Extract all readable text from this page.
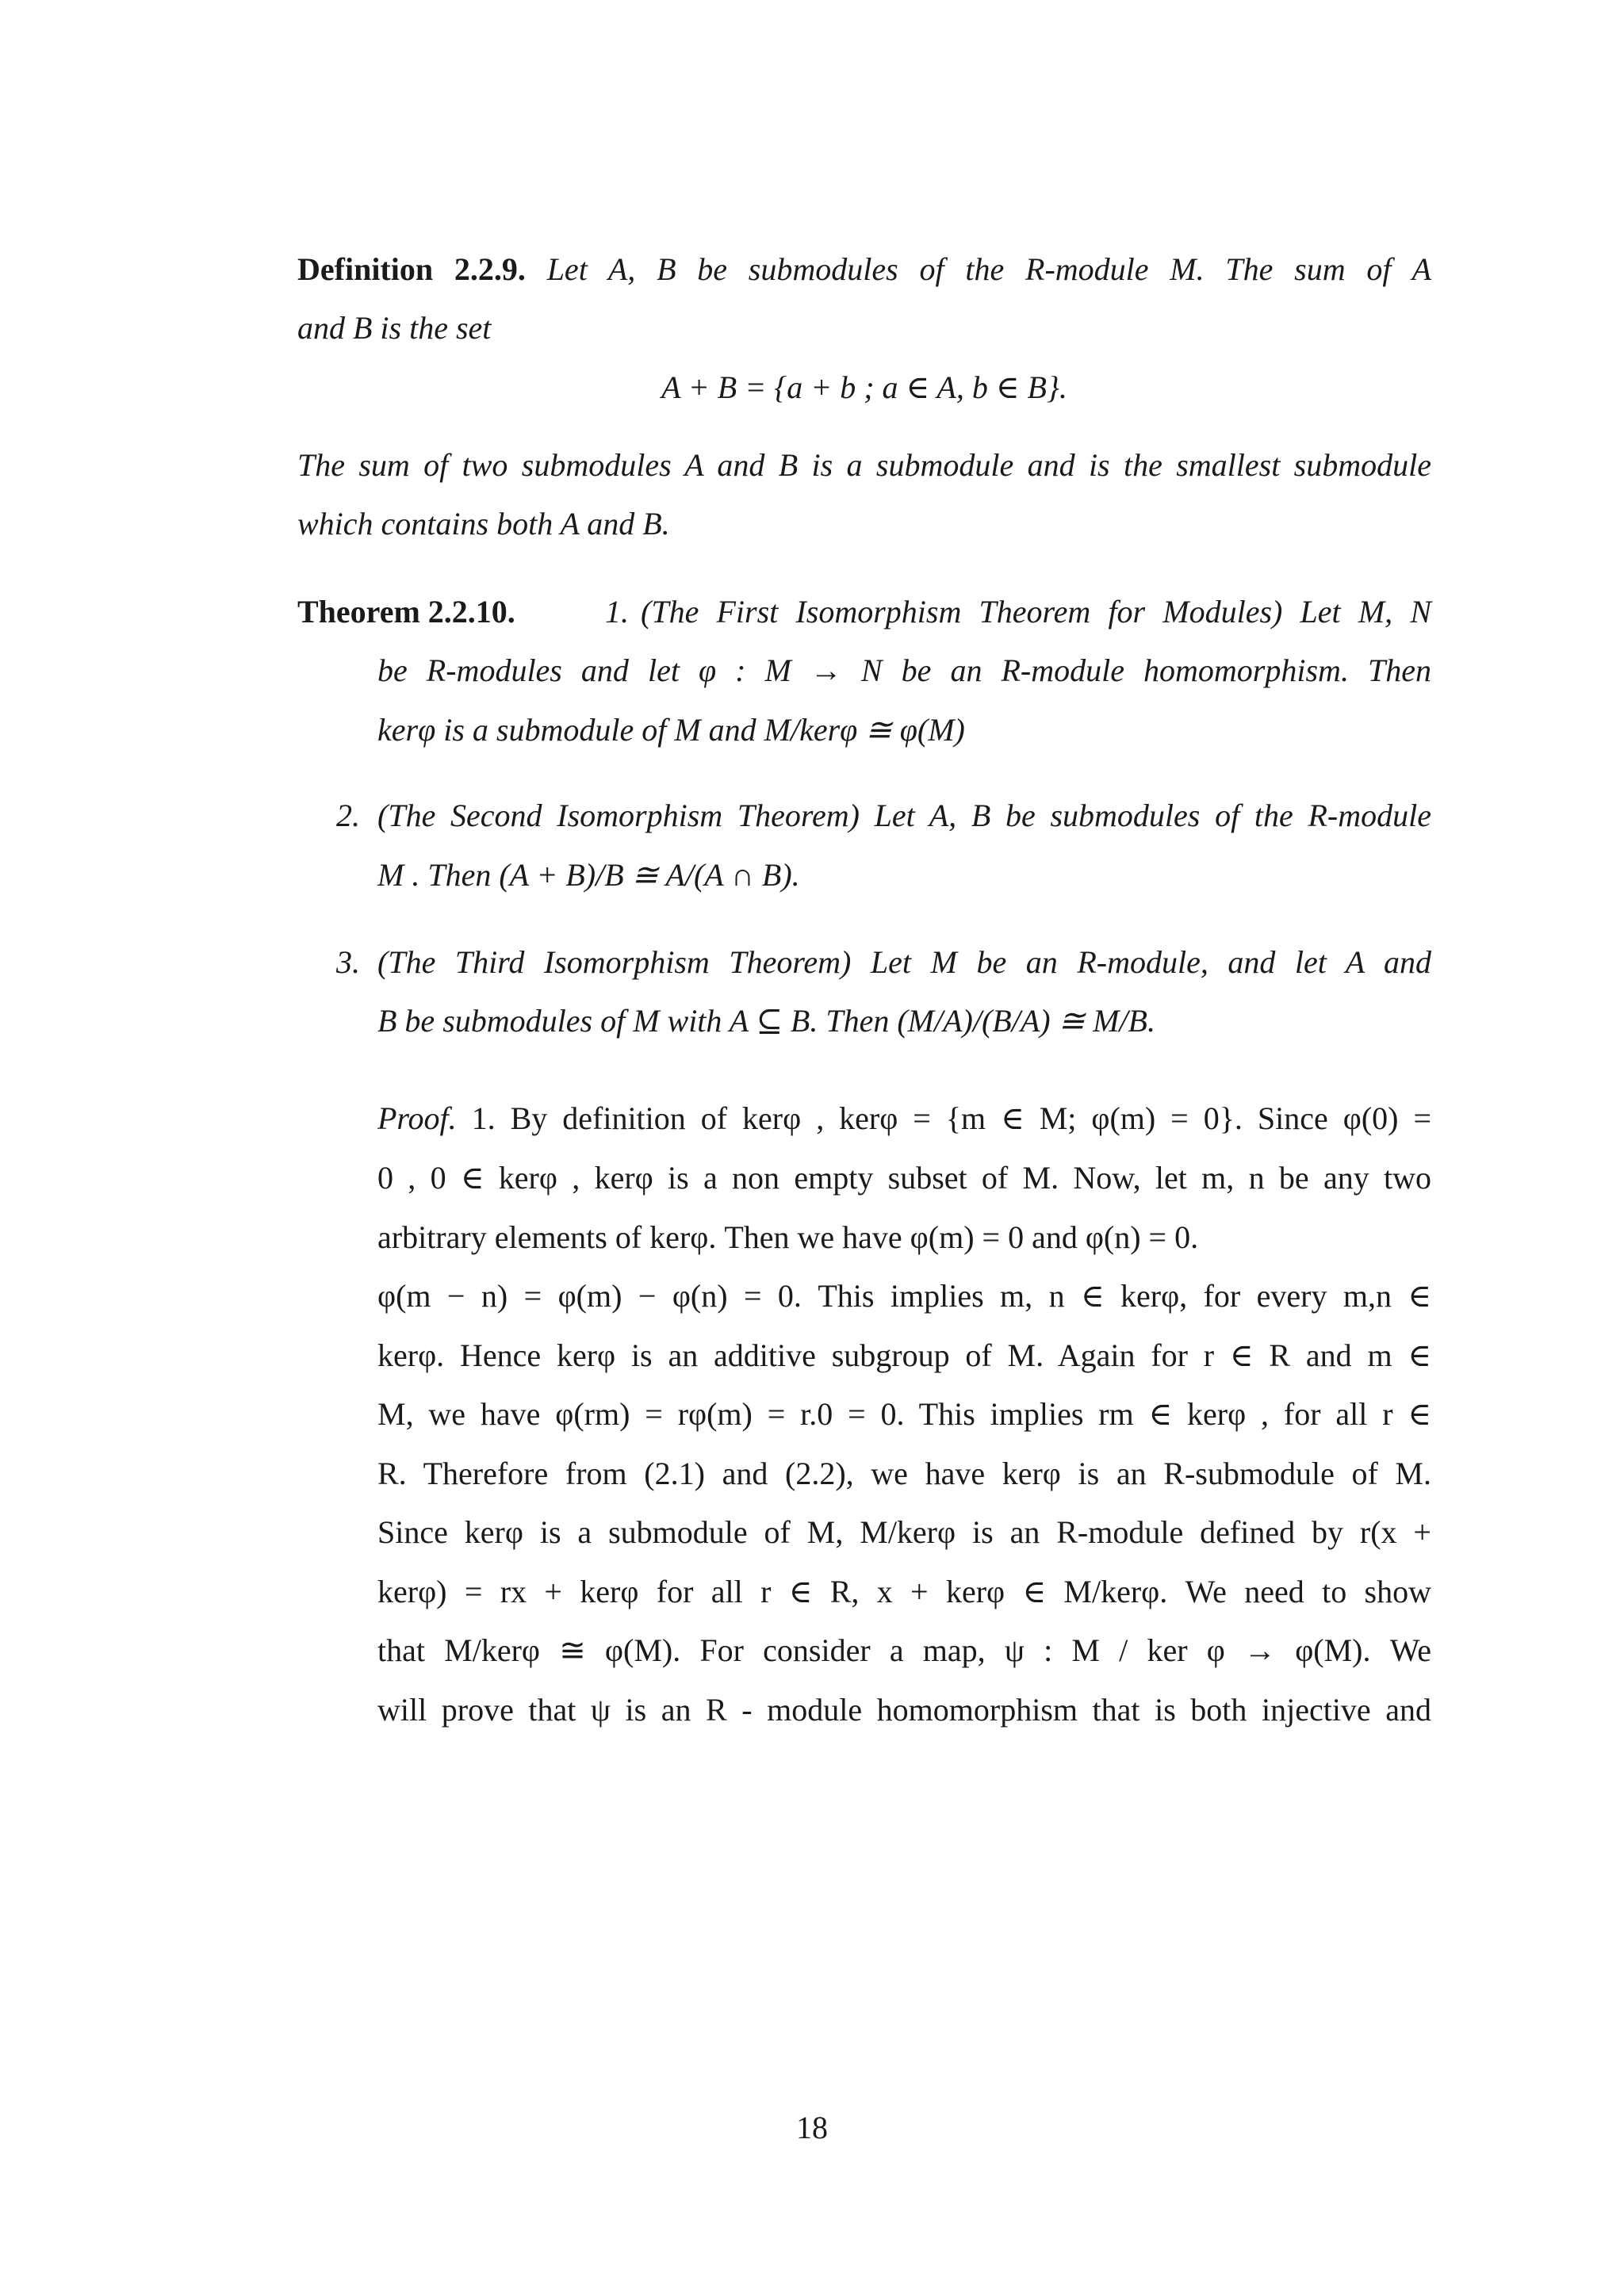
Definition 2.2.9. Let A, B be submodules of the R-module M. The sum of A
and B is the set
A + B = {a + b ; a ∈ A, b ∈ B}.
The sum of two submodules A and B is a submodule and is the smallest submodule
which contains both A and B.
Theorem 2.2.10.	1. (The First Isomorphism Theorem for Modules) Let M, N
be R-modules and let φ : M → N be an R-module homomorphism. Then
kerφ is a submodule of M and M/kerφ ≅ φ(M)
2. (The Second Isomorphism Theorem) Let A, B be submodules of the R-module
M . Then (A + B)/B ≅ A/(A ∩ B).
3. (The Third Isomorphism Theorem) Let M be an R-module, and let A and
B be submodules of M with A ⊆ B. Then (M/A)/(B/A) ≅ M/B.
Proof. 1. By definition of kerφ , kerφ = {m ∈ M; φ(m) = 0}. Since φ(0) =
0 , 0 ∈ kerφ , kerφ is a non empty subset of M. Now, let m, n be any two
arbitrary elements of kerφ. Then we have φ(m) = 0 and φ(n) = 0.
φ(m − n) = φ(m) − φ(n) = 0. This implies m, n ∈ kerφ, for every m,n ∈
kerφ. Hence kerφ is an additive subgroup of M. Again for r ∈ R and m ∈
M, we have φ(rm) = rφ(m) = r.0 = 0. This implies rm ∈ kerφ , for all r ∈
R. Therefore from (2.1) and (2.2), we have kerφ is an R-submodule of M.
Since kerφ is a submodule of M, M/kerφ is an R-module defined by r(x +
kerφ) = rx + kerφ for all r ∈ R, x + kerφ ∈ M/kerφ. We need to show
that M/kerφ ≅ φ(M). For consider a map, ψ : M / ker φ → φ(M). We
will prove that ψ is an R - module homomorphism that is both injective and
18
